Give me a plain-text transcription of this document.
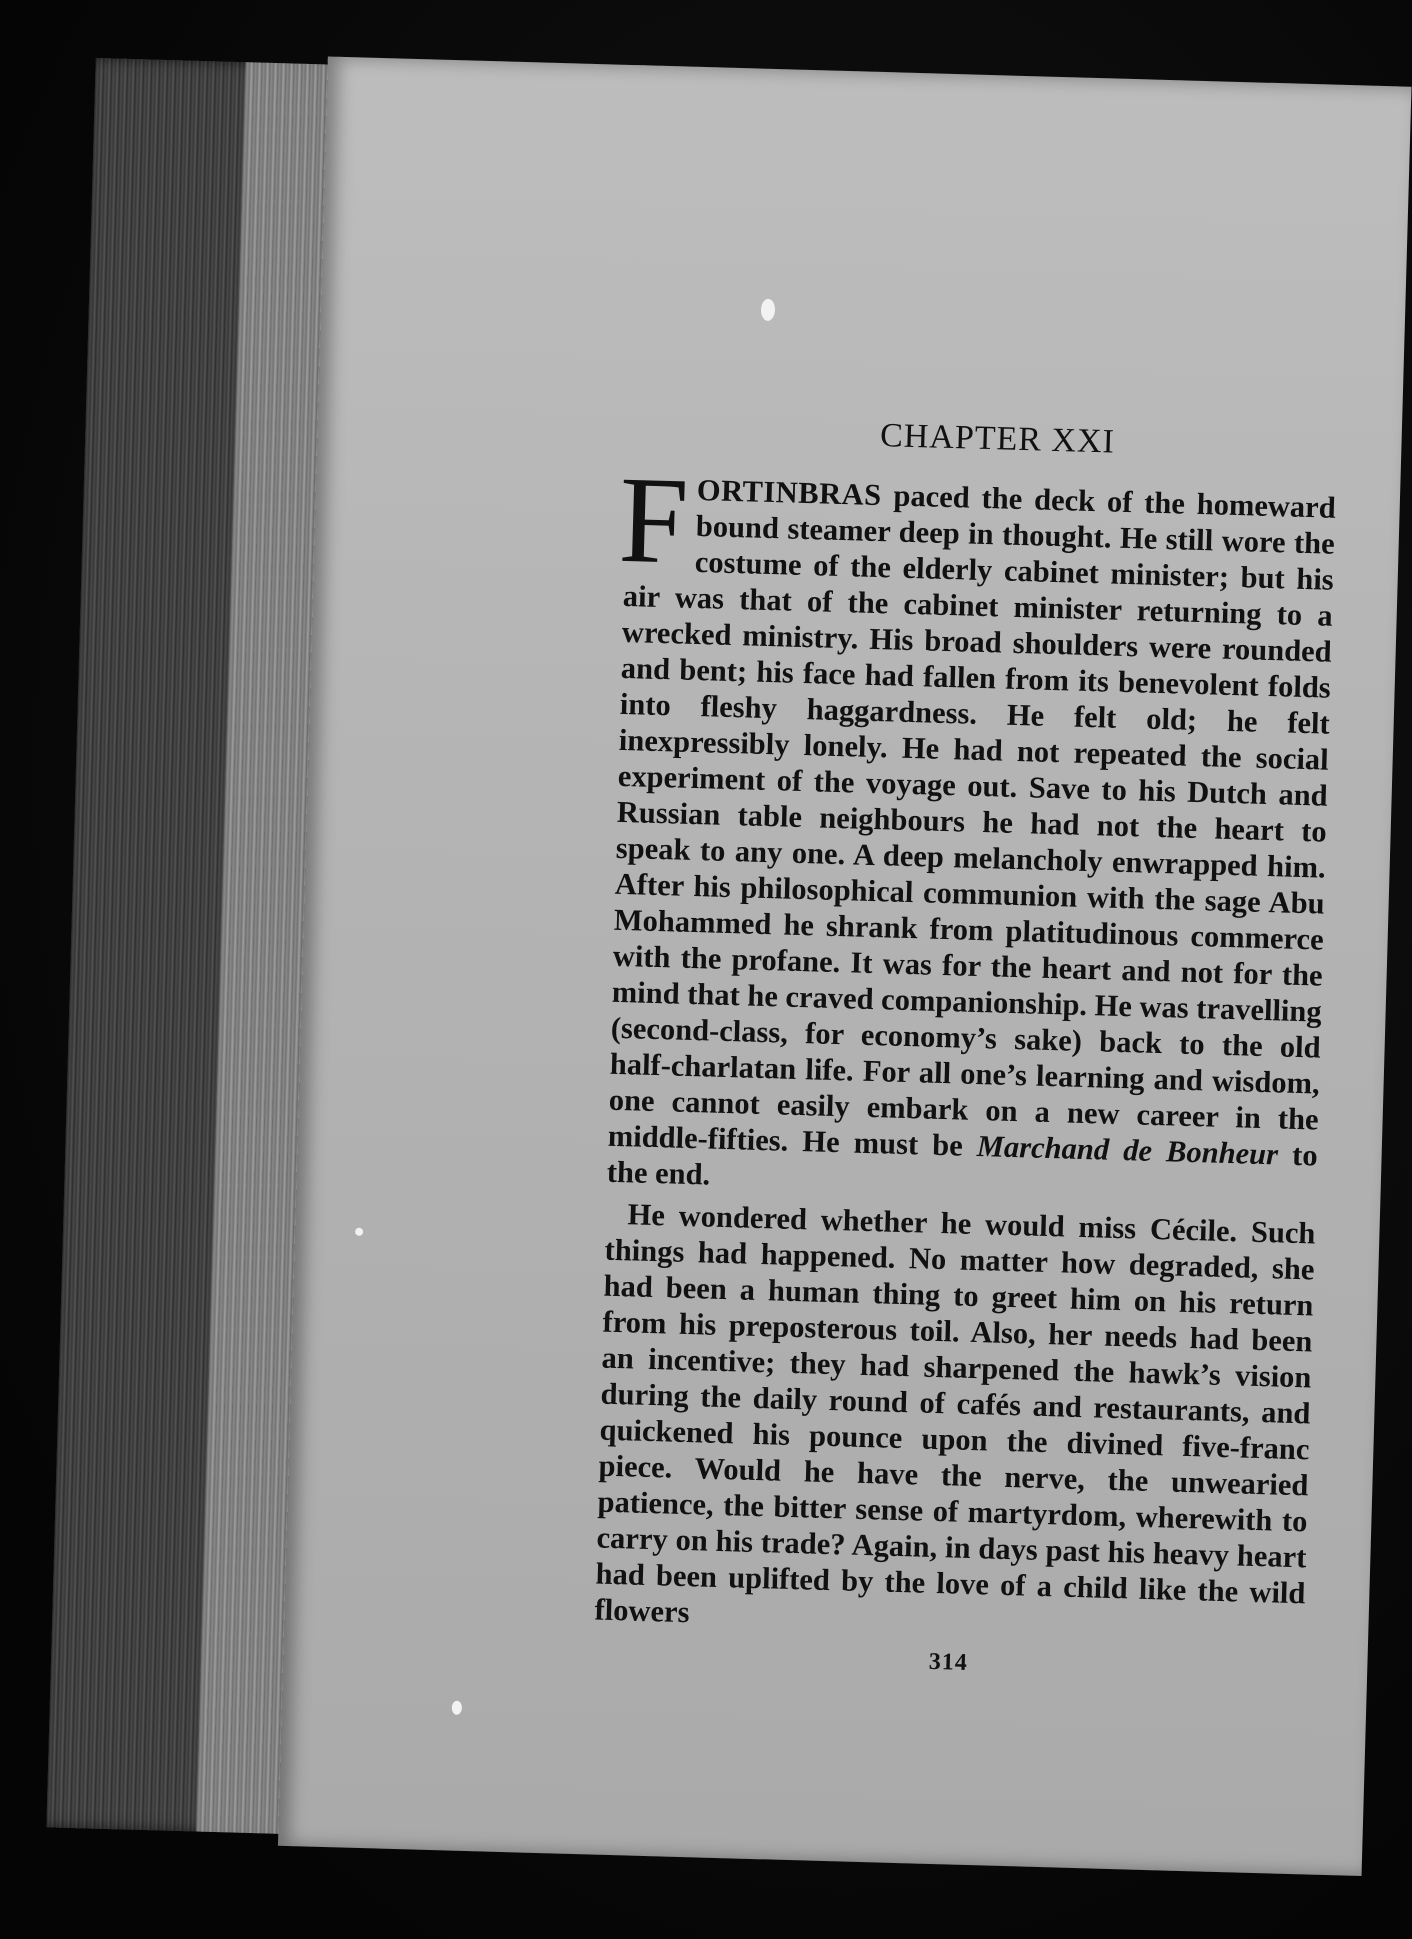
CHAPTER XXI

FORTINBRAS paced the deck of the homeward bound steamer deep in thought. He still wore the costume of the elderly cabinet minister; but his air was that of the cabinet minister returning to a wrecked ministry. His broad shoulders were rounded and bent; his face had fallen from its benevolent folds into fleshy haggardness. He felt old; he felt inexpressibly lonely. He had not repeated the social experiment of the voyage out. Save to his Dutch and Russian table neighbours he had not the heart to speak to any one. A deep melancholy enwrapped him. After his philosophical communion with the sage Abu Mohammed he shrank from platitudinous commerce with the profane. It was for the heart and not for the mind that he craved companionship. He was travelling (second-class, for economy’s sake) back to the old half-charlatan life. For all one’s learning and wisdom, one cannot easily embark on a new career in the middle-fifties. He must be Marchand de Bonheur to the end.

He wondered whether he would miss Cécile. Such things had happened. No matter how degraded, she had been a human thing to greet him on his return from his preposterous toil. Also, her needs had been an incentive; they had sharpened the hawk’s vision during the daily round of cafés and restaurants, and quickened his pounce upon the divined five-franc piece. Would he have the nerve, the unwearied patience, the bitter sense of martyrdom, wherewith to carry on his trade? Again, in days past his heavy heart had been uplifted by the love of a child like the wild flowers

314
